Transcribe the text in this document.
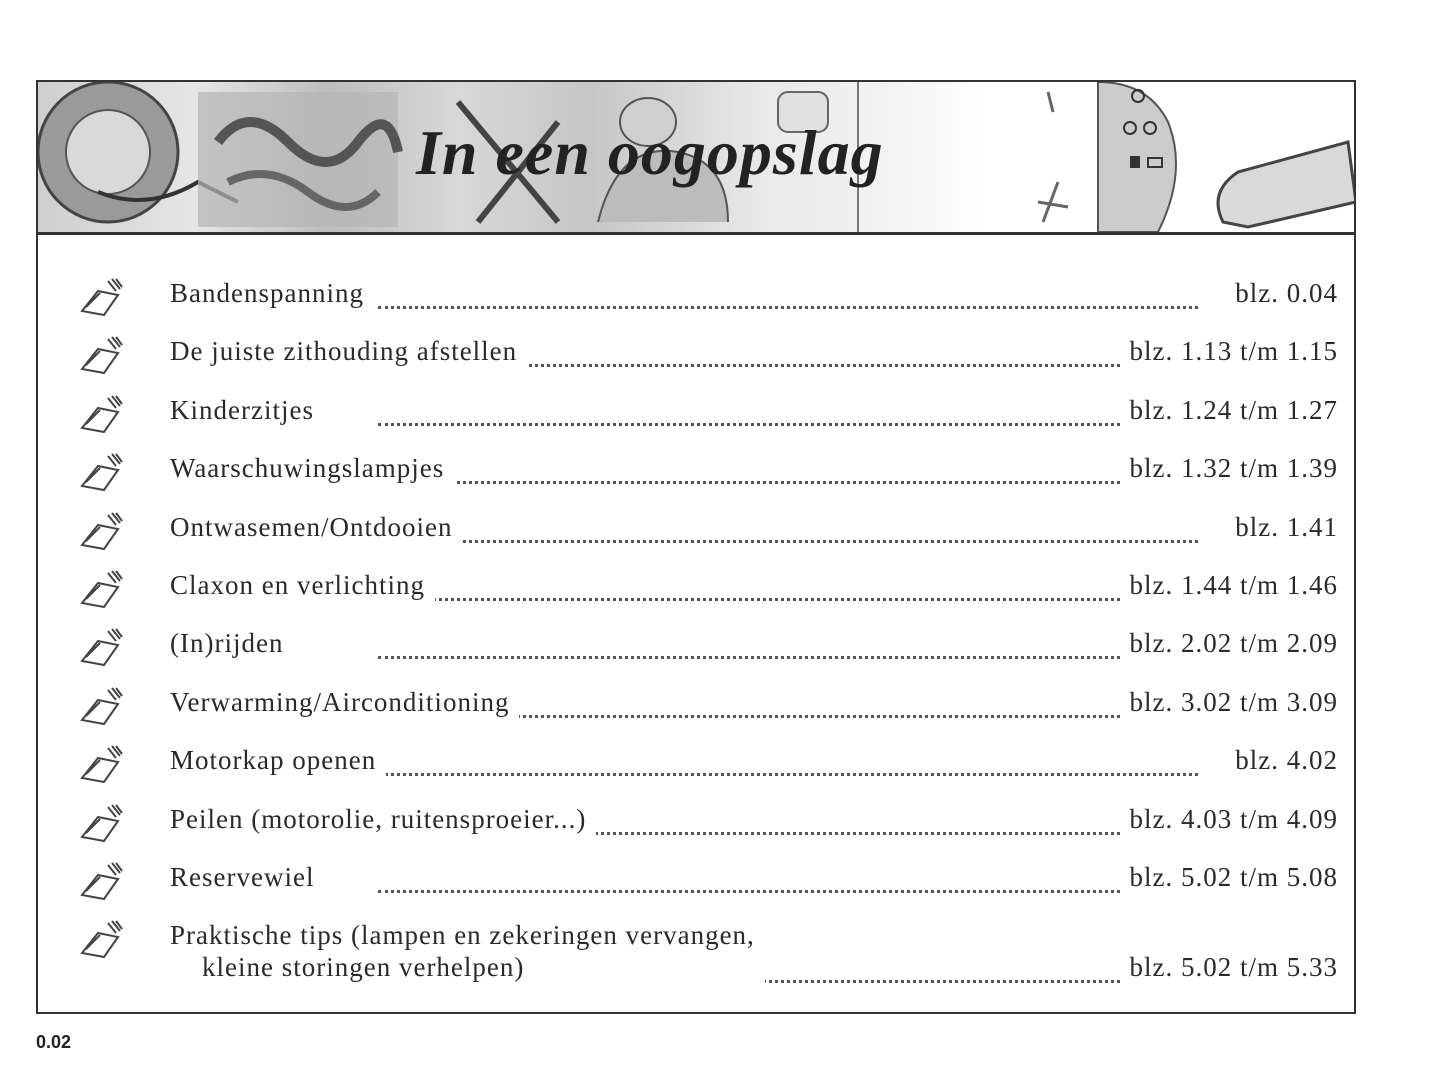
In een oogopslag
Bandenspanning	blz. 0.04
De juiste zithouding afstellen	blz. 1.13 t/m 1.15
Kinderzitjes	blz. 1.24 t/m 1.27
Waarschuwingslampjes	blz. 1.32 t/m 1.39
Ontwasemen/Ontdooien	blz. 1.41
Claxon en verlichting	blz. 1.44 t/m 1.46
(In)rijden	blz. 2.02 t/m 2.09
Verwarming/Airconditioning	blz. 3.02 t/m 3.09
Motorkap openen	blz. 4.02
Peilen (motorolie, ruitensproeier...)	blz. 4.03 t/m 4.09
Reservewiel	blz. 5.02 t/m 5.08
Praktische tips (lampen en zekeringen vervangen,
kleine storingen verhelpen)	blz. 5.02 t/m 5.33
0.02
